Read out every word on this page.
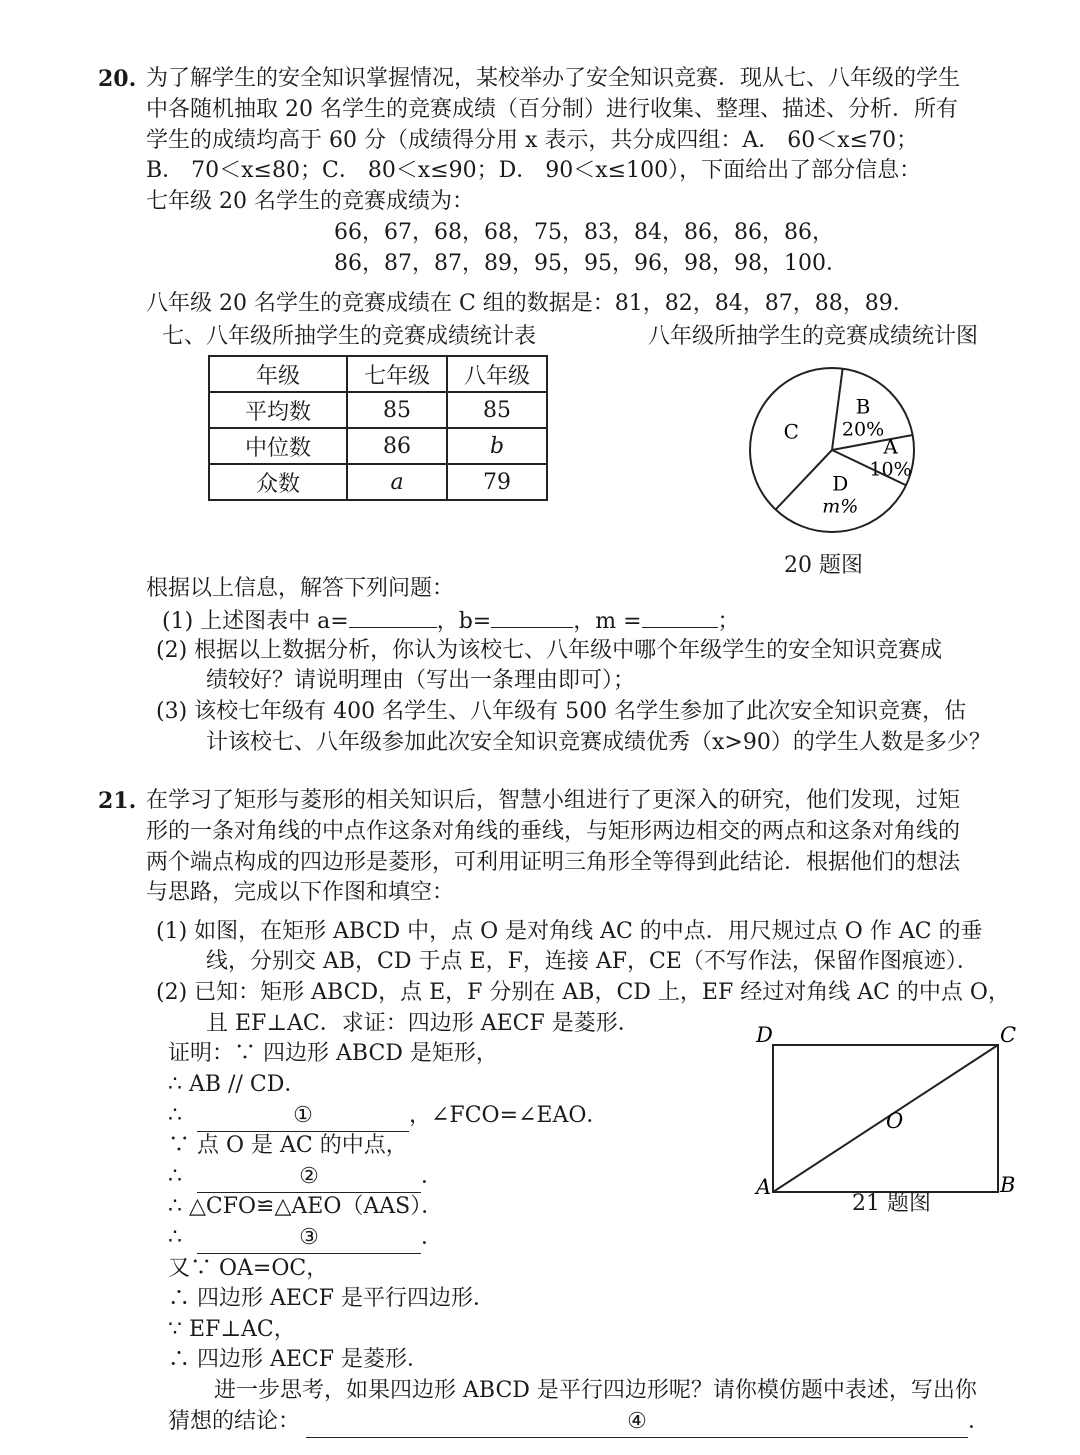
20. 为了解学生的安全知识掌握情况，某校举办了安全知识竞赛．现从七、八年级的学生
中各随机抽取 20 名学生的竞赛成绩（百分制）进行收集、整理、描述、分析．所有
学生的成绩均高于 60 分（成绩得分用 x 表示，共分成四组：A． 60＜x≤70；
B． 70＜x≤80；C． 80＜x≤90；D． 90＜x≤100），下面给出了部分信息：
七年级 20 名学生的竞赛成绩为：
66，67，68，68，75，83，84，86，86，86，
86，87，87，89，95，95，96，98，98，100．
八年级 20 名学生的竞赛成绩在 C 组的数据是：81，82，84，87，88，89．
七、八年级所抽学生的竞赛成绩统计表	八年级所抽学生的竞赛成绩统计图
年级	七年级	八年级
平均数	85	85
中位数	86	b
众数	a	79
B
20%
A
10%
D
m%
C
20 题图
根据以上信息，解答下列问题：
(1) 上述图表中 a=	，b=	，m =	；
(2) 根据以上数据分析，你认为该校七、八年级中哪个年级学生的安全知识竞赛成
绩较好？请说明理由（写出一条理由即可）；
(3) 该校七年级有 400 名学生、八年级有 500 名学生参加了此次安全知识竞赛，估
计该校七、八年级参加此次安全知识竞赛成绩优秀（x>90）的学生人数是多少？
21. 在学习了矩形与菱形的相关知识后，智慧小组进行了更深入的研究，他们发现，过矩
形的一条对角线的中点作这条对角线的垂线，与矩形两边相交的两点和这条对角线的
两个端点构成的四边形是菱形，可利用证明三角形全等得到此结论．根据他们的想法
与思路，完成以下作图和填空：
(1) 如图，在矩形 ABCD 中，点 O 是对角线 AC 的中点．用尺规过点 O 作 AC 的垂
线，分别交 AB，CD 于点 E，F，连接 AF，CE（不写作法，保留作图痕迹）．
(2) 已知：矩形 ABCD，点 E，F 分别在 AB，CD 上，EF 经过对角线 AC 的中点 O，
且 EF⊥AC．求证：四边形 AECF 是菱形．
证明：∵ 四边形 ABCD 是矩形，
∴ AB // CD．
∴	①	，∠FCO=∠EAO．
∵ 点 O 是 AC 的中点，
∴	②	．
∴ △CFO≌△AEO（AAS）．
∴	③	．
又∵ OA=OC，
∴ 四边形 AECF 是平行四边形．
∵ EF⊥AC，
∴ 四边形 AECF 是菱形．
进一步思考，如果四边形 ABCD 是平行四边形呢？请你模仿题中表述，写出你
猜想的结论：	④	．
D	C
A	B
O
21 题图
